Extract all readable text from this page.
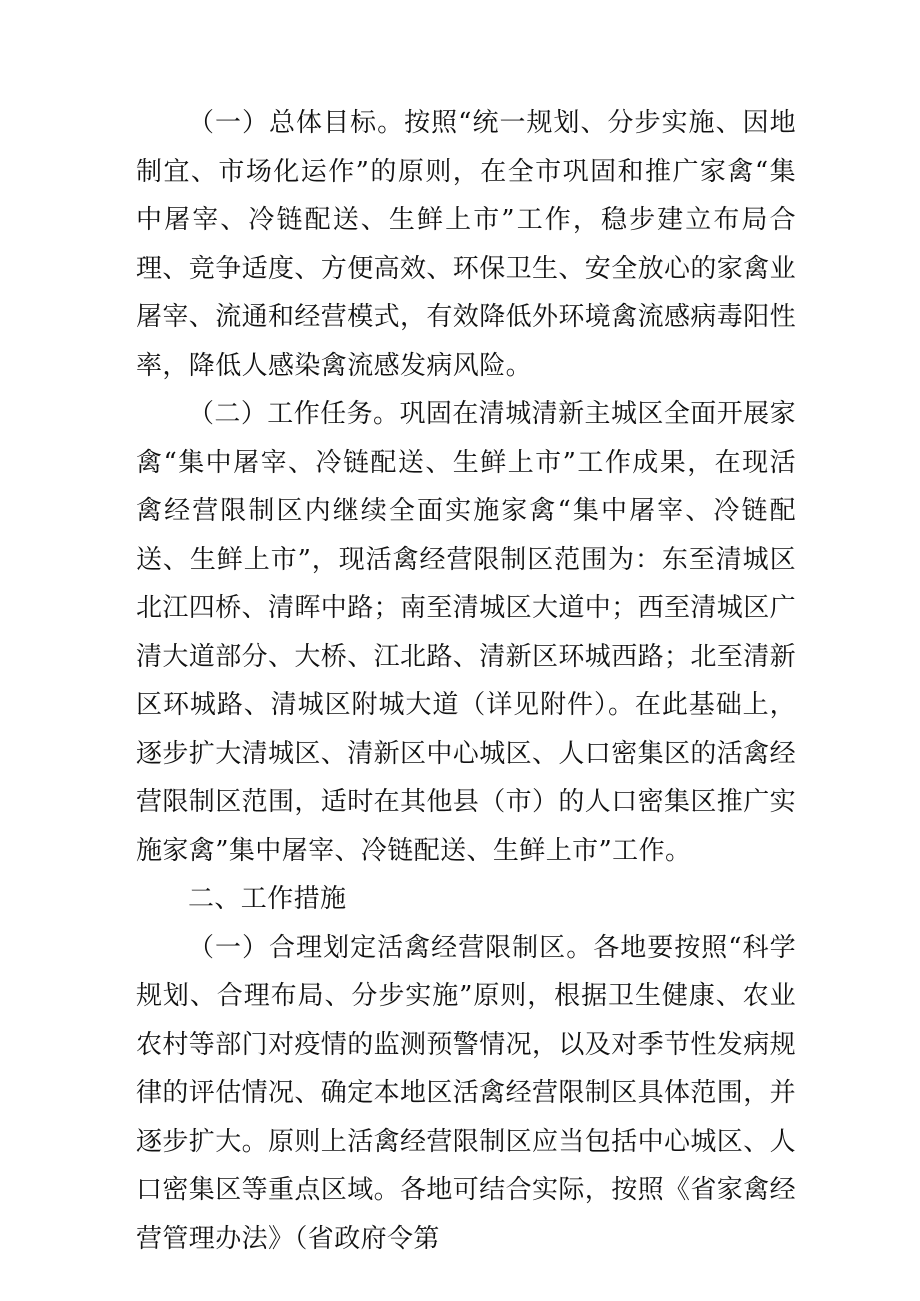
（一）总体目标。按照“统一规划、分步实施、因地制宜、市场化运作”的原则，在全市巩固和推广家禽“集中屠宰、冷链配送、生鲜上市”工作，稳步建立布局合理、竞争适度、方便高效、环保卫生、安全放心的家禽业屠宰、流通和经营模式，有效降低外环境禽流感病毒阳性率，降低人感染禽流感发病风险。

（二）工作任务。巩固在清城清新主城区全面开展家禽“集中屠宰、冷链配送、生鲜上市”工作成果，在现活禽经营限制区内继续全面实施家禽“集中屠宰、冷链配送、生鲜上市”，现活禽经营限制区范围为：东至清城区北江四桥、清晖中路；南至清城区大道中；西至清城区广清大道部分、大桥、江北路、清新区环城西路；北至清新区环城路、清城区附城大道（详见附件）。在此基础上，逐步扩大清城区、清新区中心城区、人口密集区的活禽经营限制区范围，适时在其他县（市）的人口密集区推广实施家禽”集中屠宰、冷链配送、生鲜上市”工作。

二、工作措施

（一）合理划定活禽经营限制区。各地要按照“科学规划、合理布局、分步实施”原则，根据卫生健康、农业农村等部门对疫情的监测预警情况，以及对季节性发病规律的评估情况、确定本地区活禽经营限制区具体范围，并逐步扩大。原则上活禽经营限制区应当包括中心城区、人口密集区等重点区域。各地可结合实际，按照《省家禽经营管理办法》（省政府令第
